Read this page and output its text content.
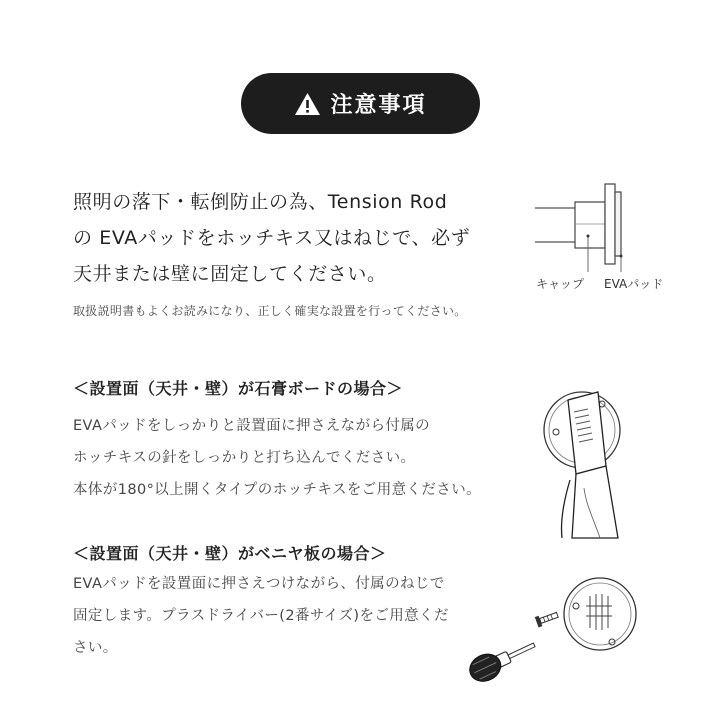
注意事項
照明の落下・転倒防止の為、Tension Rod
の EVAパッドをホッチキス又はねじで、必ず
天井または壁に固定してください。
取扱説明書もよくお読みになり、正しく確実な設置を行ってください。
キャップ EVAパッド
＜設置面（天井・壁）が石膏ボードの場合＞
EVAパッドをしっかりと設置面に押さえながら付属の
ホッチキスの針をしっかりと打ち込んでください。
本体が180°以上開くタイプのホッチキスをご用意ください。
＜設置面（天井・壁）がベニヤ板の場合＞
EVAパッドを設置面に押さえつけながら、付属のねじで
固定します。プラスドライバー(2番サイズ)をご用意くだ
さい。
